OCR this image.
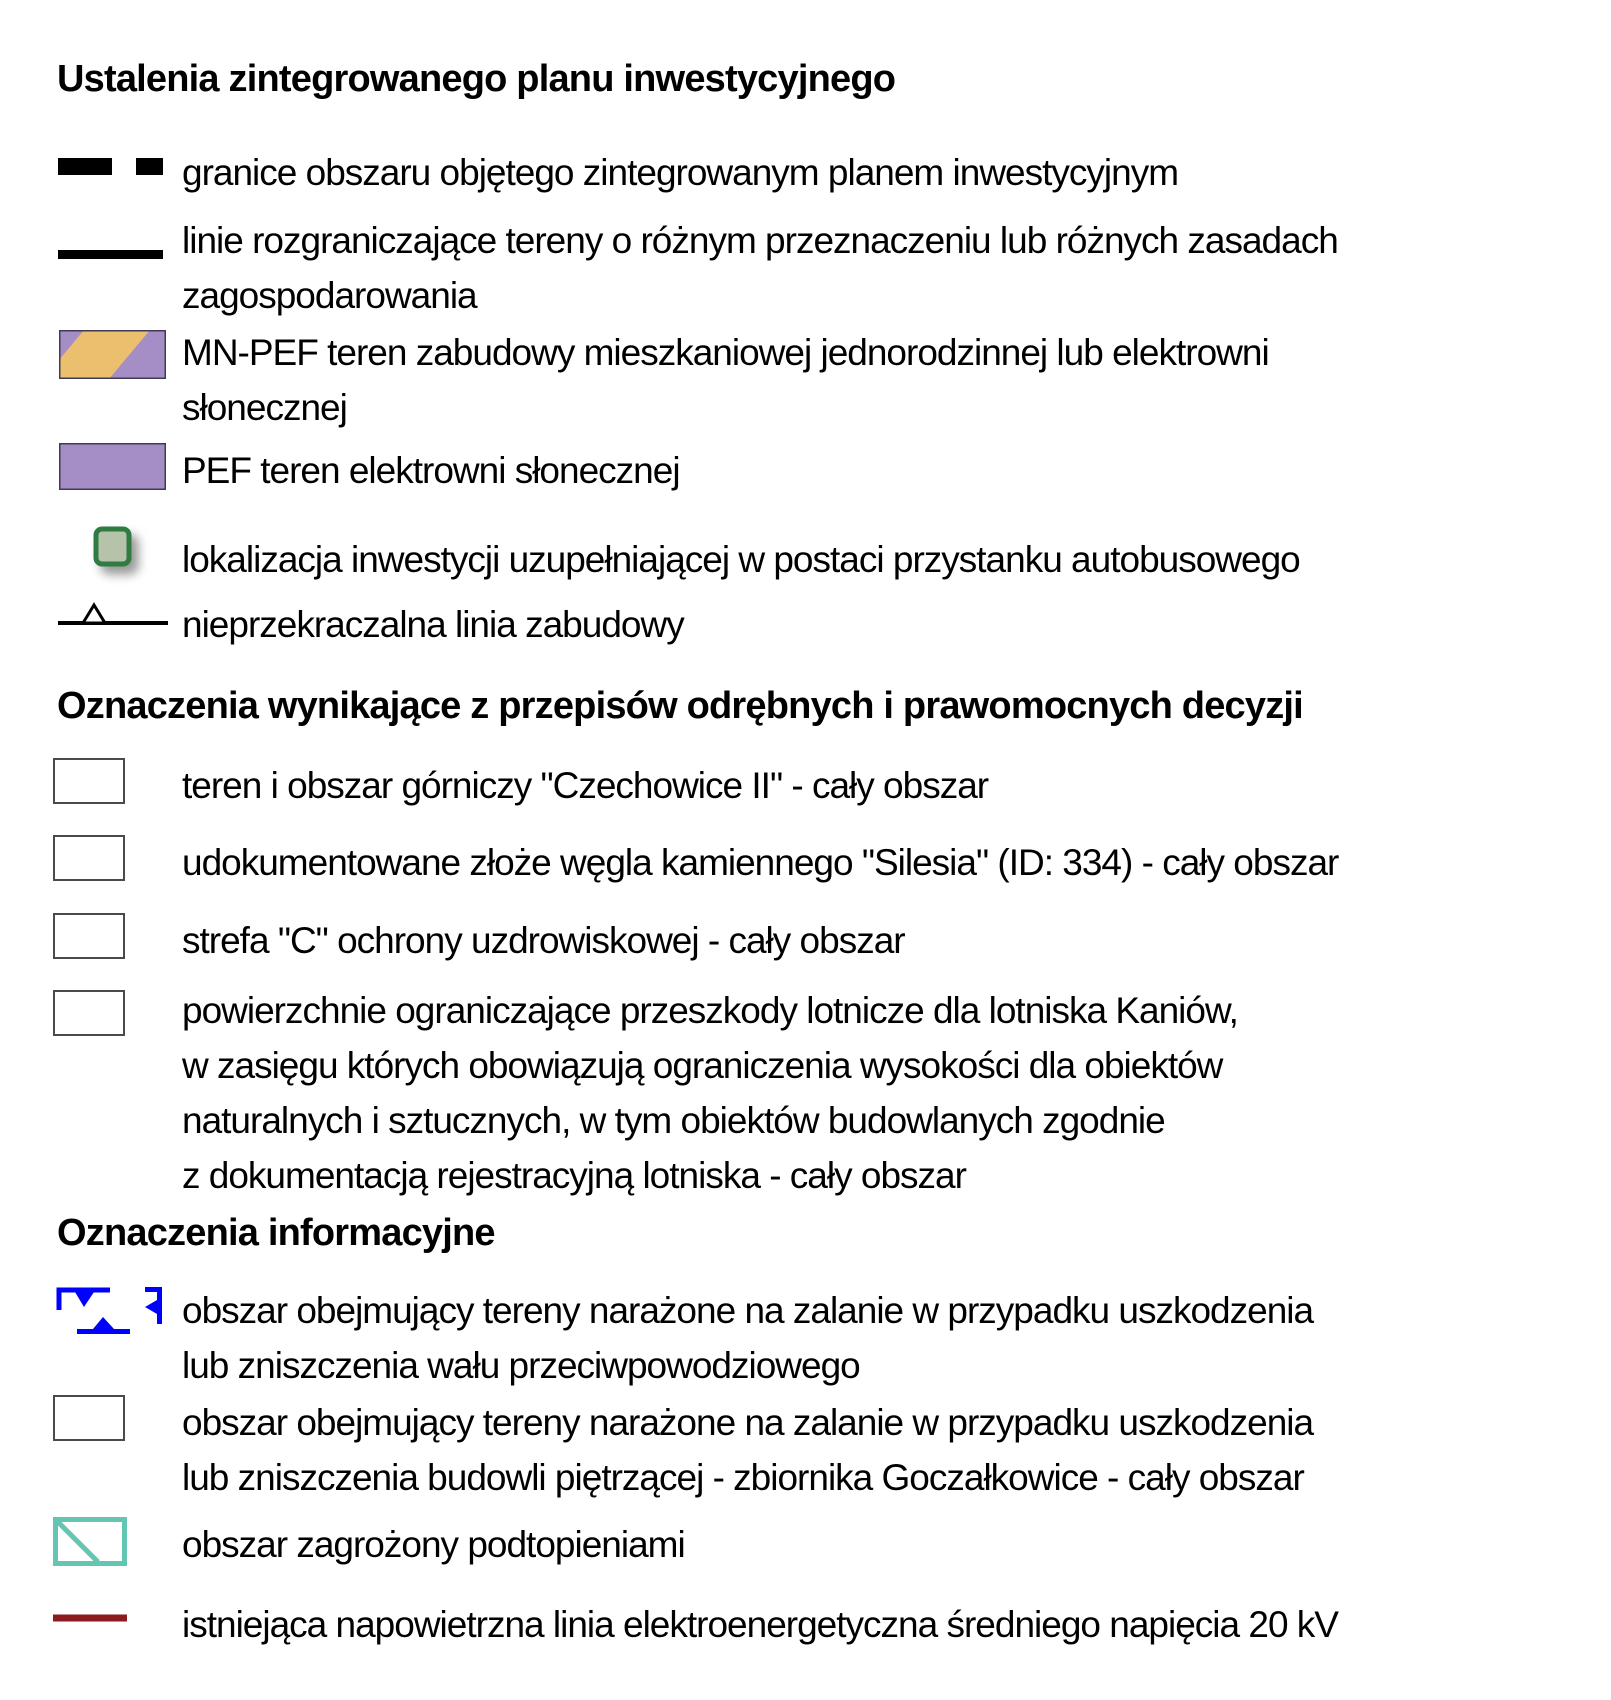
Ustalenia zintegrowanego planu inwestycyjnego
granice obszaru objętego zintegrowanym planem inwestycyjnym
linie rozgraniczające tereny o różnym przeznaczeniu lub różnych zasadach
zagospodarowania
MN-PEF teren zabudowy mieszkaniowej jednorodzinnej lub elektrowni
słonecznej
PEF teren elektrowni słonecznej
lokalizacja inwestycji uzupełniającej w postaci przystanku autobusowego
nieprzekraczalna linia zabudowy
Oznaczenia wynikające z przepisów odrębnych i prawomocnych decyzji
teren i obszar górniczy "Czechowice II" - cały obszar
udokumentowane złoże węgla kamiennego "Silesia" (ID: 334) - cały obszar
strefa "C" ochrony uzdrowiskowej - cały obszar
powierzchnie ograniczające przeszkody lotnicze dla lotniska Kaniów,
w zasięgu których obowiązują ograniczenia wysokości dla obiektów
naturalnych i sztucznych, w tym obiektów budowlanych zgodnie
z dokumentacją rejestracyjną lotniska - cały obszar
Oznaczenia informacyjne
obszar obejmujący tereny narażone na zalanie w przypadku uszkodzenia
lub zniszczenia wału przeciwpowodziowego
obszar obejmujący tereny narażone na zalanie w przypadku uszkodzenia
lub zniszczenia budowli piętrzącej - zbiornika Goczałkowice - cały obszar
obszar zagrożony podtopieniami
istniejąca napowietrzna linia elektroenergetyczna średniego napięcia 20 kV
